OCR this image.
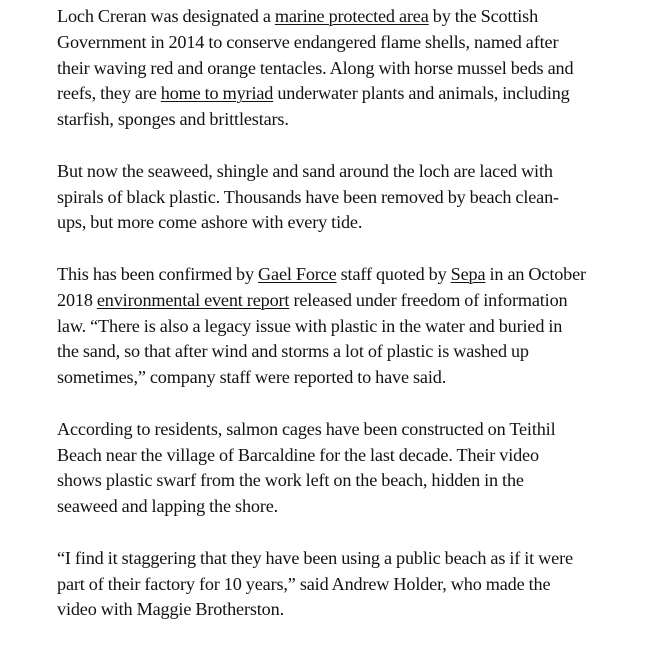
Loch Creran was designated a marine protected area by the Scottish
Government in 2014 to conserve endangered flame shells, named after
their waving red and orange tentacles. Along with horse mussel beds and
reefs, they are home to myriad underwater plants and animals, including
starfish, sponges and brittlestars.

But now the seaweed, shingle and sand around the loch are laced with
spirals of black plastic. Thousands have been removed by beach clean-
ups, but more come ashore with every tide.

This has been confirmed by Gael Force staff quoted by Sepa in an October
2018 environmental event report released under freedom of information
law. “There is also a legacy issue with plastic in the water and buried in
the sand, so that after wind and storms a lot of plastic is washed up
sometimes,” company staff were reported to have said.

According to residents, salmon cages have been constructed on Teithil
Beach near the village of Barcaldine for the last decade. Their video
shows plastic swarf from the work left on the beach, hidden in the
seaweed and lapping the shore.

“I find it staggering that they have been using a public beach as if it were
part of their factory for 10 years,” said Andrew Holder, who made the
video with Maggie Brotherston.
